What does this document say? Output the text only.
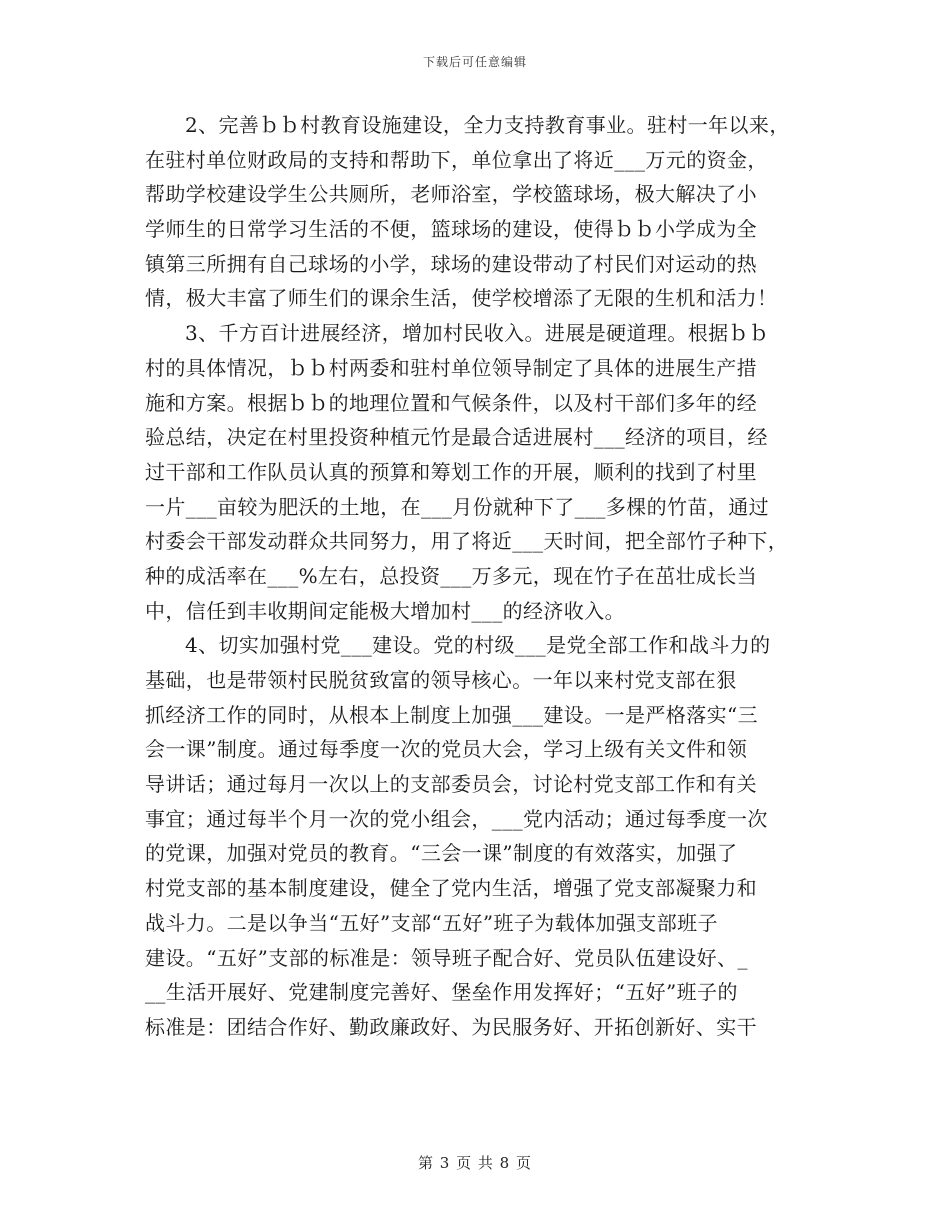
下载后可任意编辑
2、完善ｂｂ村教育设施建设，全力支持教育事业。驻村一年以来，
在驻村单位财政局的支持和帮助下，单位拿出了将近___万元的资金，
帮助学校建设学生公共厕所，老师浴室，学校篮球场，极大解决了小
学师生的日常学习生活的不便，篮球场的建设，使得ｂｂ小学成为全
镇第三所拥有自己球场的小学，球场的建设带动了村民们对运动的热
情，极大丰富了师生们的课余生活，使学校增添了无限的生机和活力！
3、千方百计进展经济，增加村民收入。进展是硬道理。根据ｂｂ
村的具体情况，ｂｂ村两委和驻村单位领导制定了具体的进展生产措
施和方案。根据ｂｂ的地理位置和气候条件，以及村干部们多年的经
验总结，决定在村里投资种植元竹是最合适进展村___经济的项目，经
过干部和工作队员认真的预算和筹划工作的开展，顺利的找到了村里
一片___亩较为肥沃的土地，在___月份就种下了___多棵的竹苗，通过
村委会干部发动群众共同努力，用了将近___天时间，把全部竹子种下，
种的成活率在___%左右，总投资___万多元，现在竹子在茁壮成长当
中，信任到丰收期间定能极大增加村___的经济收入。
4、切实加强村党___建设。党的村级___是党全部工作和战斗力的
基础，也是带领村民脱贫致富的领导核心。一年以来村党支部在狠
抓经济工作的同时，从根本上制度上加强___建设。一是严格落实“三
会一课”制度。通过每季度一次的党员大会，学习上级有关文件和领
导讲话；通过每月一次以上的支部委员会，讨论村党支部工作和有关
事宜；通过每半个月一次的党小组会，___党内活动；通过每季度一次
的党课，加强对党员的教育。“三会一课”制度的有效落实，加强了
村党支部的基本制度建设，健全了党内生活，增强了党支部凝聚力和
战斗力。二是以争当“五好”支部“五好”班子为载体加强支部班子
建设。“五好”支部的标准是：领导班子配合好、党员队伍建设好、_
__生活开展好、党建制度完善好、堡垒作用发挥好；“五好”班子的
标准是：团结合作好、勤政廉政好、为民服务好、开拓创新好、实干
第 3 页 共 8 页
